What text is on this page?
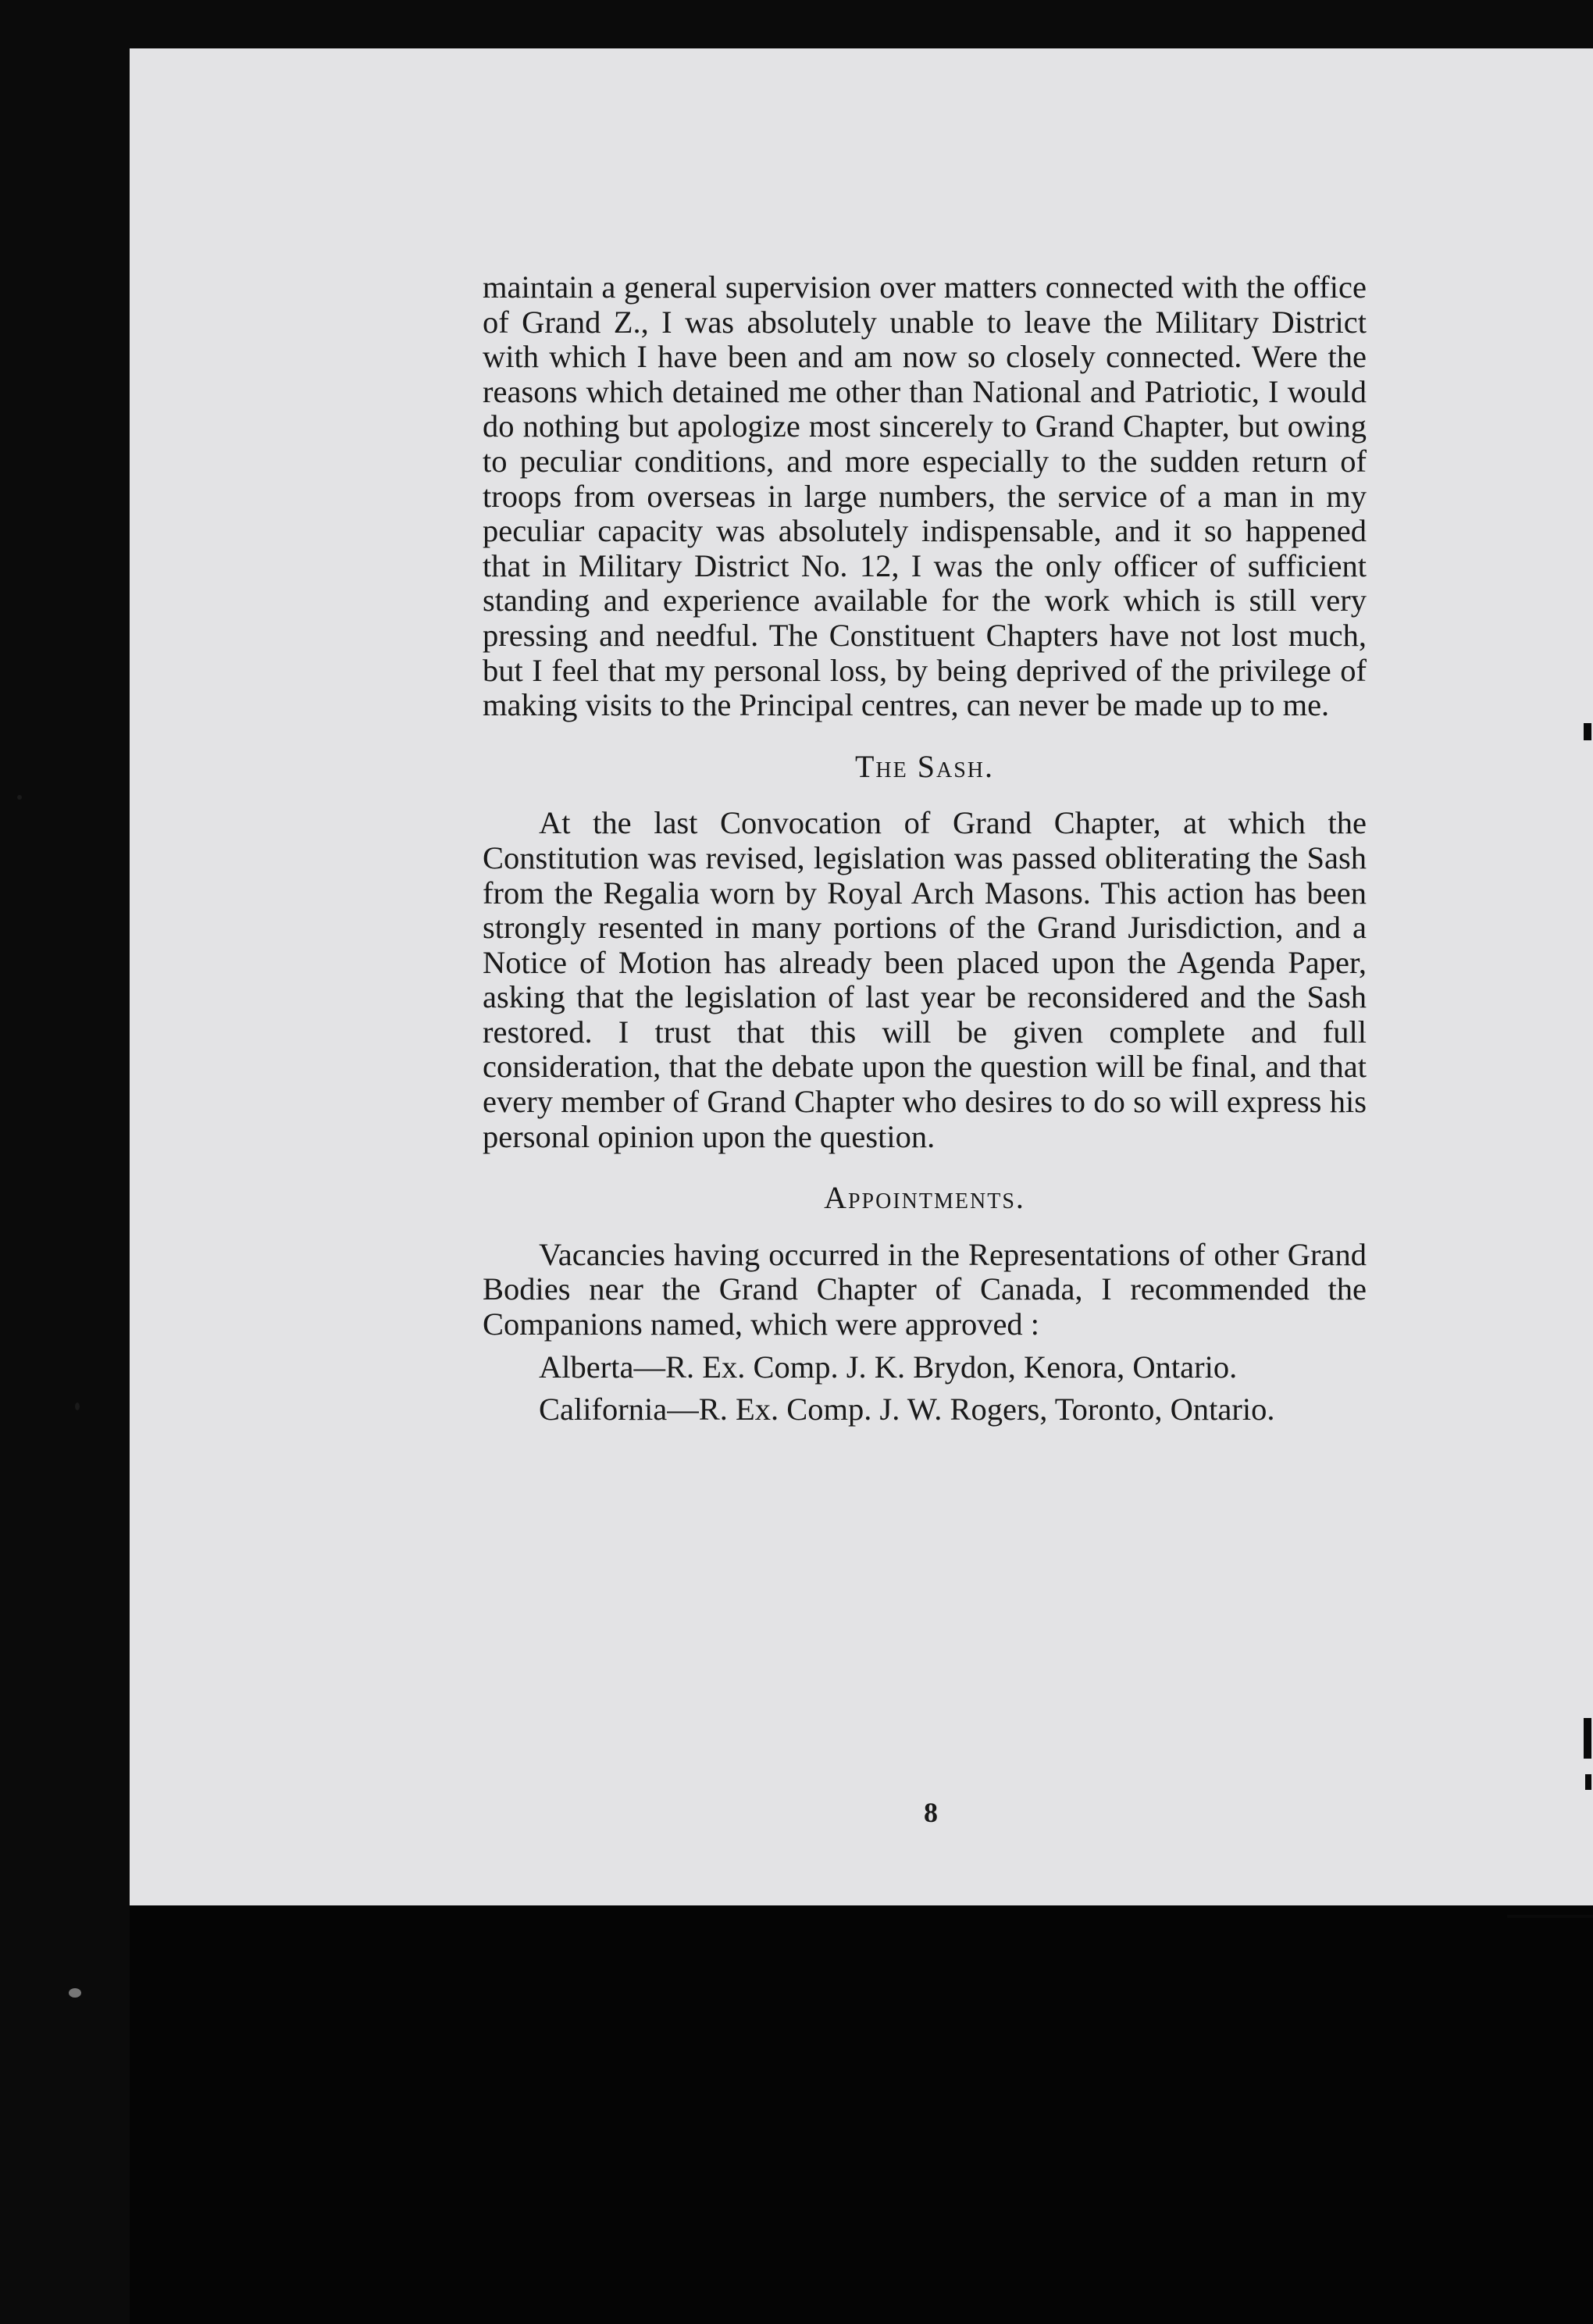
maintain a general supervision over matters connected with the office of Grand Z., I was absolutely unable to leave the Military District with which I have been and am now so closely connected. Were the reasons which detained me other than National and Patriotic, I would do nothing but apologize most sincerely to Grand Chapter, but owing to peculiar conditions, and more especially to the sudden return of troops from overseas in large numbers, the service of a man in my peculiar capacity was absolutely indispensable, and it so happened that in Military District No. 12, I was the only officer of sufficient standing and experience available for the work which is still very pressing and needful. The Constituent Chapters have not lost much, but I feel that my personal loss, by being deprived of the privilege of making visits to the Principal centres, can never be made up to me.

The Sash.

At the last Convocation of Grand Chapter, at which the Constitution was revised, legislation was passed obliterating the Sash from the Regalia worn by Royal Arch Masons. This action has been strongly resented in many portions of the Grand Jurisdiction, and a Notice of Motion has already been placed upon the Agenda Paper, asking that the legislation of last year be reconsidered and the Sash restored. I trust that this will be given complete and full consideration, that the debate upon the question will be final, and that every member of Grand Chapter who desires to do so will express his personal opinion upon the question.

Appointments.

Vacancies having occurred in the Representations of other Grand Bodies near the Grand Chapter of Canada, I recommended the Companions named, which were approved :

Alberta—R. Ex. Comp. J. K. Brydon, Kenora, Ontario.

California—R. Ex. Comp. J. W. Rogers, Toronto, Ontario.

8
